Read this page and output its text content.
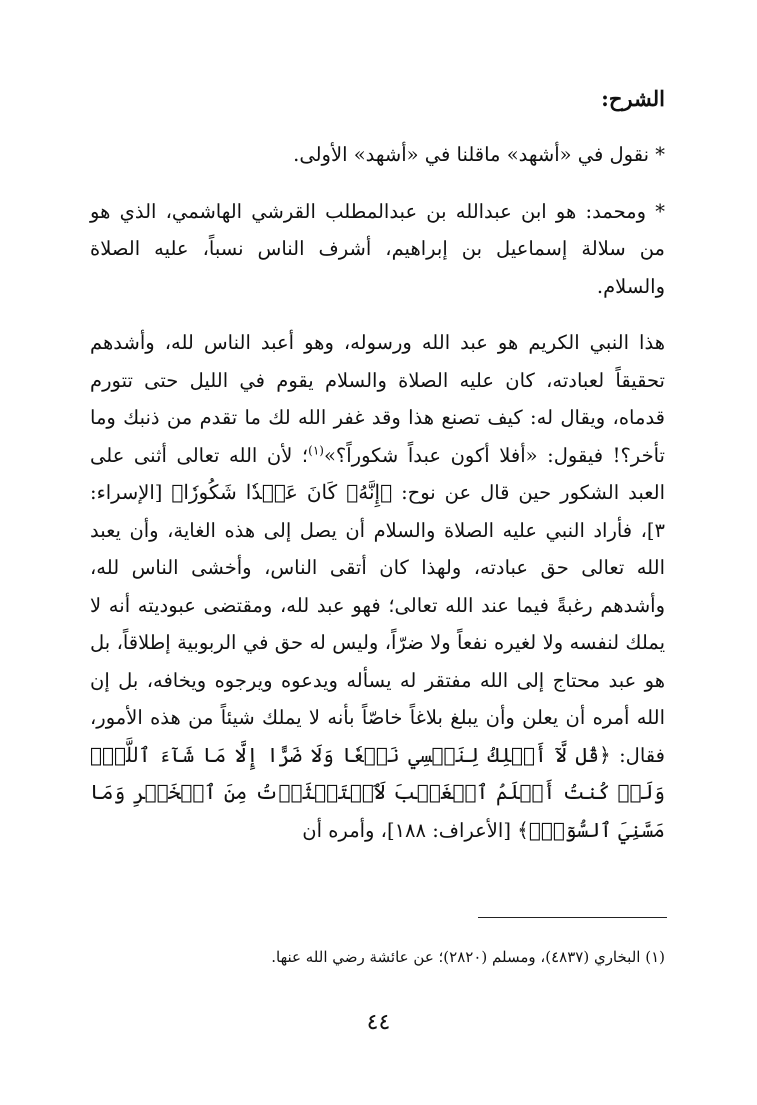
الشرح:

* نقول في «أشهد» ماقلنا في «أشهد» الأولى.

* ومحمد: هو ابن عبدالله بن عبدالمطلب القرشي الهاشمي، الذي هو من سلالة إسماعيل بن إبراهيم، أشرف الناس نسباً، عليه الصلاة والسلام.

هذا النبي الكريم هو عبد الله ورسوله، وهو أعبد الناس لله، وأشدهم تحقيقاً لعبادته، كان عليه الصلاة والسلام يقوم في الليل حتى تتورم قدماه، ويقال له: كيف تصنع هذا وقد غفر الله لك ما تقدم من ذنبك وما تأخر؟! فيقول: «أفلا أكون عبداً شكوراً؟»$^{(١)}$؛ لأن الله تعالى أثنى على العبد الشكور حين قال عن نوح: ﴿إِنَّهُۥ كَانَ عَبۡدٗا شَكُورٗا﴾ [الإسراء: ٣]، فأراد النبي عليه الصلاة والسلام أن يصل إلى هذه الغاية، وأن يعبد الله تعالى حق عبادته، ولهذا كان أتقى الناس، وأخشى الناس لله، وأشدهم رغبةً فيما عند الله تعالى؛ فهو عبد لله، ومقتضى عبوديته أنه لا يملك لنفسه ولا لغيره نفعاً ولا ضرّاً، وليس له حق في الربوبية إطلاقاً، بل هو عبد محتاج إلى الله مفتقر له يسأله ويدعوه ويرجوه ويخافه، بل إن الله أمره أن يعلن وأن يبلغ بلاغاً خاصّاً بأنه لا يملك شيئاً من هذه الأمور، فقال: ﴿قُل لَّآ أَمۡلِكُ لِنَفۡسِي نَفۡعٗا وَلَا ضَرًّا إِلَّا مَا شَآءَ ٱللَّهُۚ وَلَوۡ كُنتُ أَعۡلَمُ ٱلۡغَيۡبَ لَٱسۡتَكۡثَرۡتُ مِنَ ٱلۡخَيۡرِ وَمَا مَسَّنِيَ ٱلسُّوٓءُۚ﴾ [الأعراف: ١٨٨]، وأمره أن

(١) البخاري (٤٨٣٧)، ومسلم (٢٨٢٠)؛ عن عائشة رضي الله عنها.

٤٤
